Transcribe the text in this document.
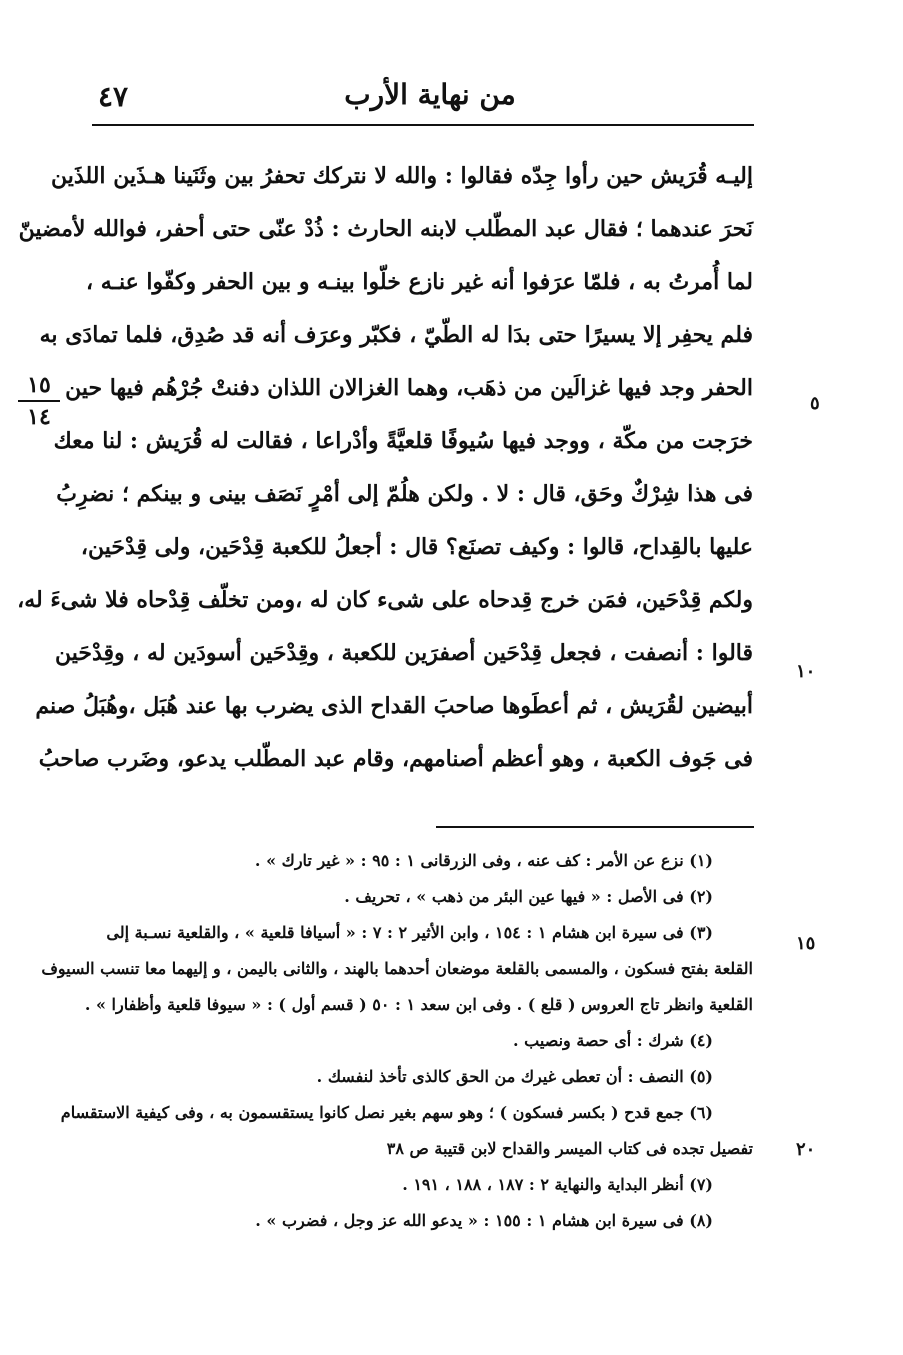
من نهاية الأرب
٤٧
١٥
١٤
٥
١٠
١٥
٢٠
إليـه قُرَيش حين رأوا جِدّه فقالوا : والله لا نتركك تحفرُ بين وثَنَينا هـذَين اللذَين
نَحرَ عندهما ؛ فقال عبد المطّلب لابنه الحارث : ذُدْ عنّى حتى أحفر، فوالله لأمضينّ
لما أُمرتُ به ، فلمّا عرَفوا أنه غير نازع خلّوا بينـه و بين الحفر وكفّوا عنـه ،
فلم يحفِر إلا يسيرًا حتى بدَا له الطّيّ ، فكبّر وعرَف أنه قد صُدِق، فلما تمادَى به
الحفر وجد فيها غزالَين من ذهَب، وهما الغزالان اللذان دفنتْ جُرْهُم فيها حين
خرَجت من مكّة ، ووجد فيها سُيوفًا قلعيَّةً وأدْراعا ، فقالت له قُرَيش : لنا معك
فى هذا شِرْكٌ وحَق، قال : لا . ولكن هلُمّ إلى أمْرٍ نَصَف بينى و بينكم ؛ نضرِبُ
عليها بالقِداح، قالوا : وكيف تصنَع؟ قال : أجعلُ للكعبة قِدْحَين، ولى قِدْحَين،
ولكم قِدْحَين، فمَن خرج قِدحاه على شىء كان له ،ومن تخلّف قِدْحاه فلا شىءَ له،
قالوا : أنصفت ، فجعل قِدْحَين أصفرَين للكعبة ، وقِدْحَين أسودَين له ، وقِدْحَين
أبيضين لقُرَيش ، ثم أعطَوها صاحبَ القداح الذى يضرب بها عند هُبَل ،وهُبَلُ صنم
فى جَوف الكعبة ، وهو أعظم أصنامهم، وقام عبد المطّلب يدعو، وضَرب صاحبُ
(١) نزع عن الأمر : كف عنه ، وفى الزرقانى ١ : ٩٥ : « غير تارك » .
(٢) فى الأصل : « فيها عين البئر من ذهب » ، تحريف .
(٣) فى سيرة ابن هشام ١ : ١٥٤ ، وابن الأثير ٢ : ٧ : « أسيافا قلعية » ، والقلعية نسـبة إلى
القلعة بفتح فسكون ، والمسمى بالقلعة موضعان أحدهما بالهند ، والثانى باليمن ، و إليهما معا تنسب السيوف
القلعية وانظر تاج العروس ( قلع ) . وفى ابن سعد ١ : ٥٠ ( قسم أول ) : « سيوفا قلعية وأظفارا » .
(٤) شرك : أى حصة ونصيب .
(٥) النصف : أن تعطى غيرك من الحق كالذى تأخذ لنفسك .
(٦) جمع قدح ( بكسر فسكون ) ؛ وهو سهم بغير نصل كانوا يستقسمون به ، وفى كيفية الاستقسام
تفصيل تجده فى كتاب الميسر والقداح لابن قتيبة ص ٣٨
(٧) أنظر البداية والنهاية ٢ : ١٨٧ ، ١٨٨ ، ١٩١ .
(٨) فى سيرة ابن هشام ١ : ١٥٥ : « يدعو الله عز وجل ، فضرب » .
